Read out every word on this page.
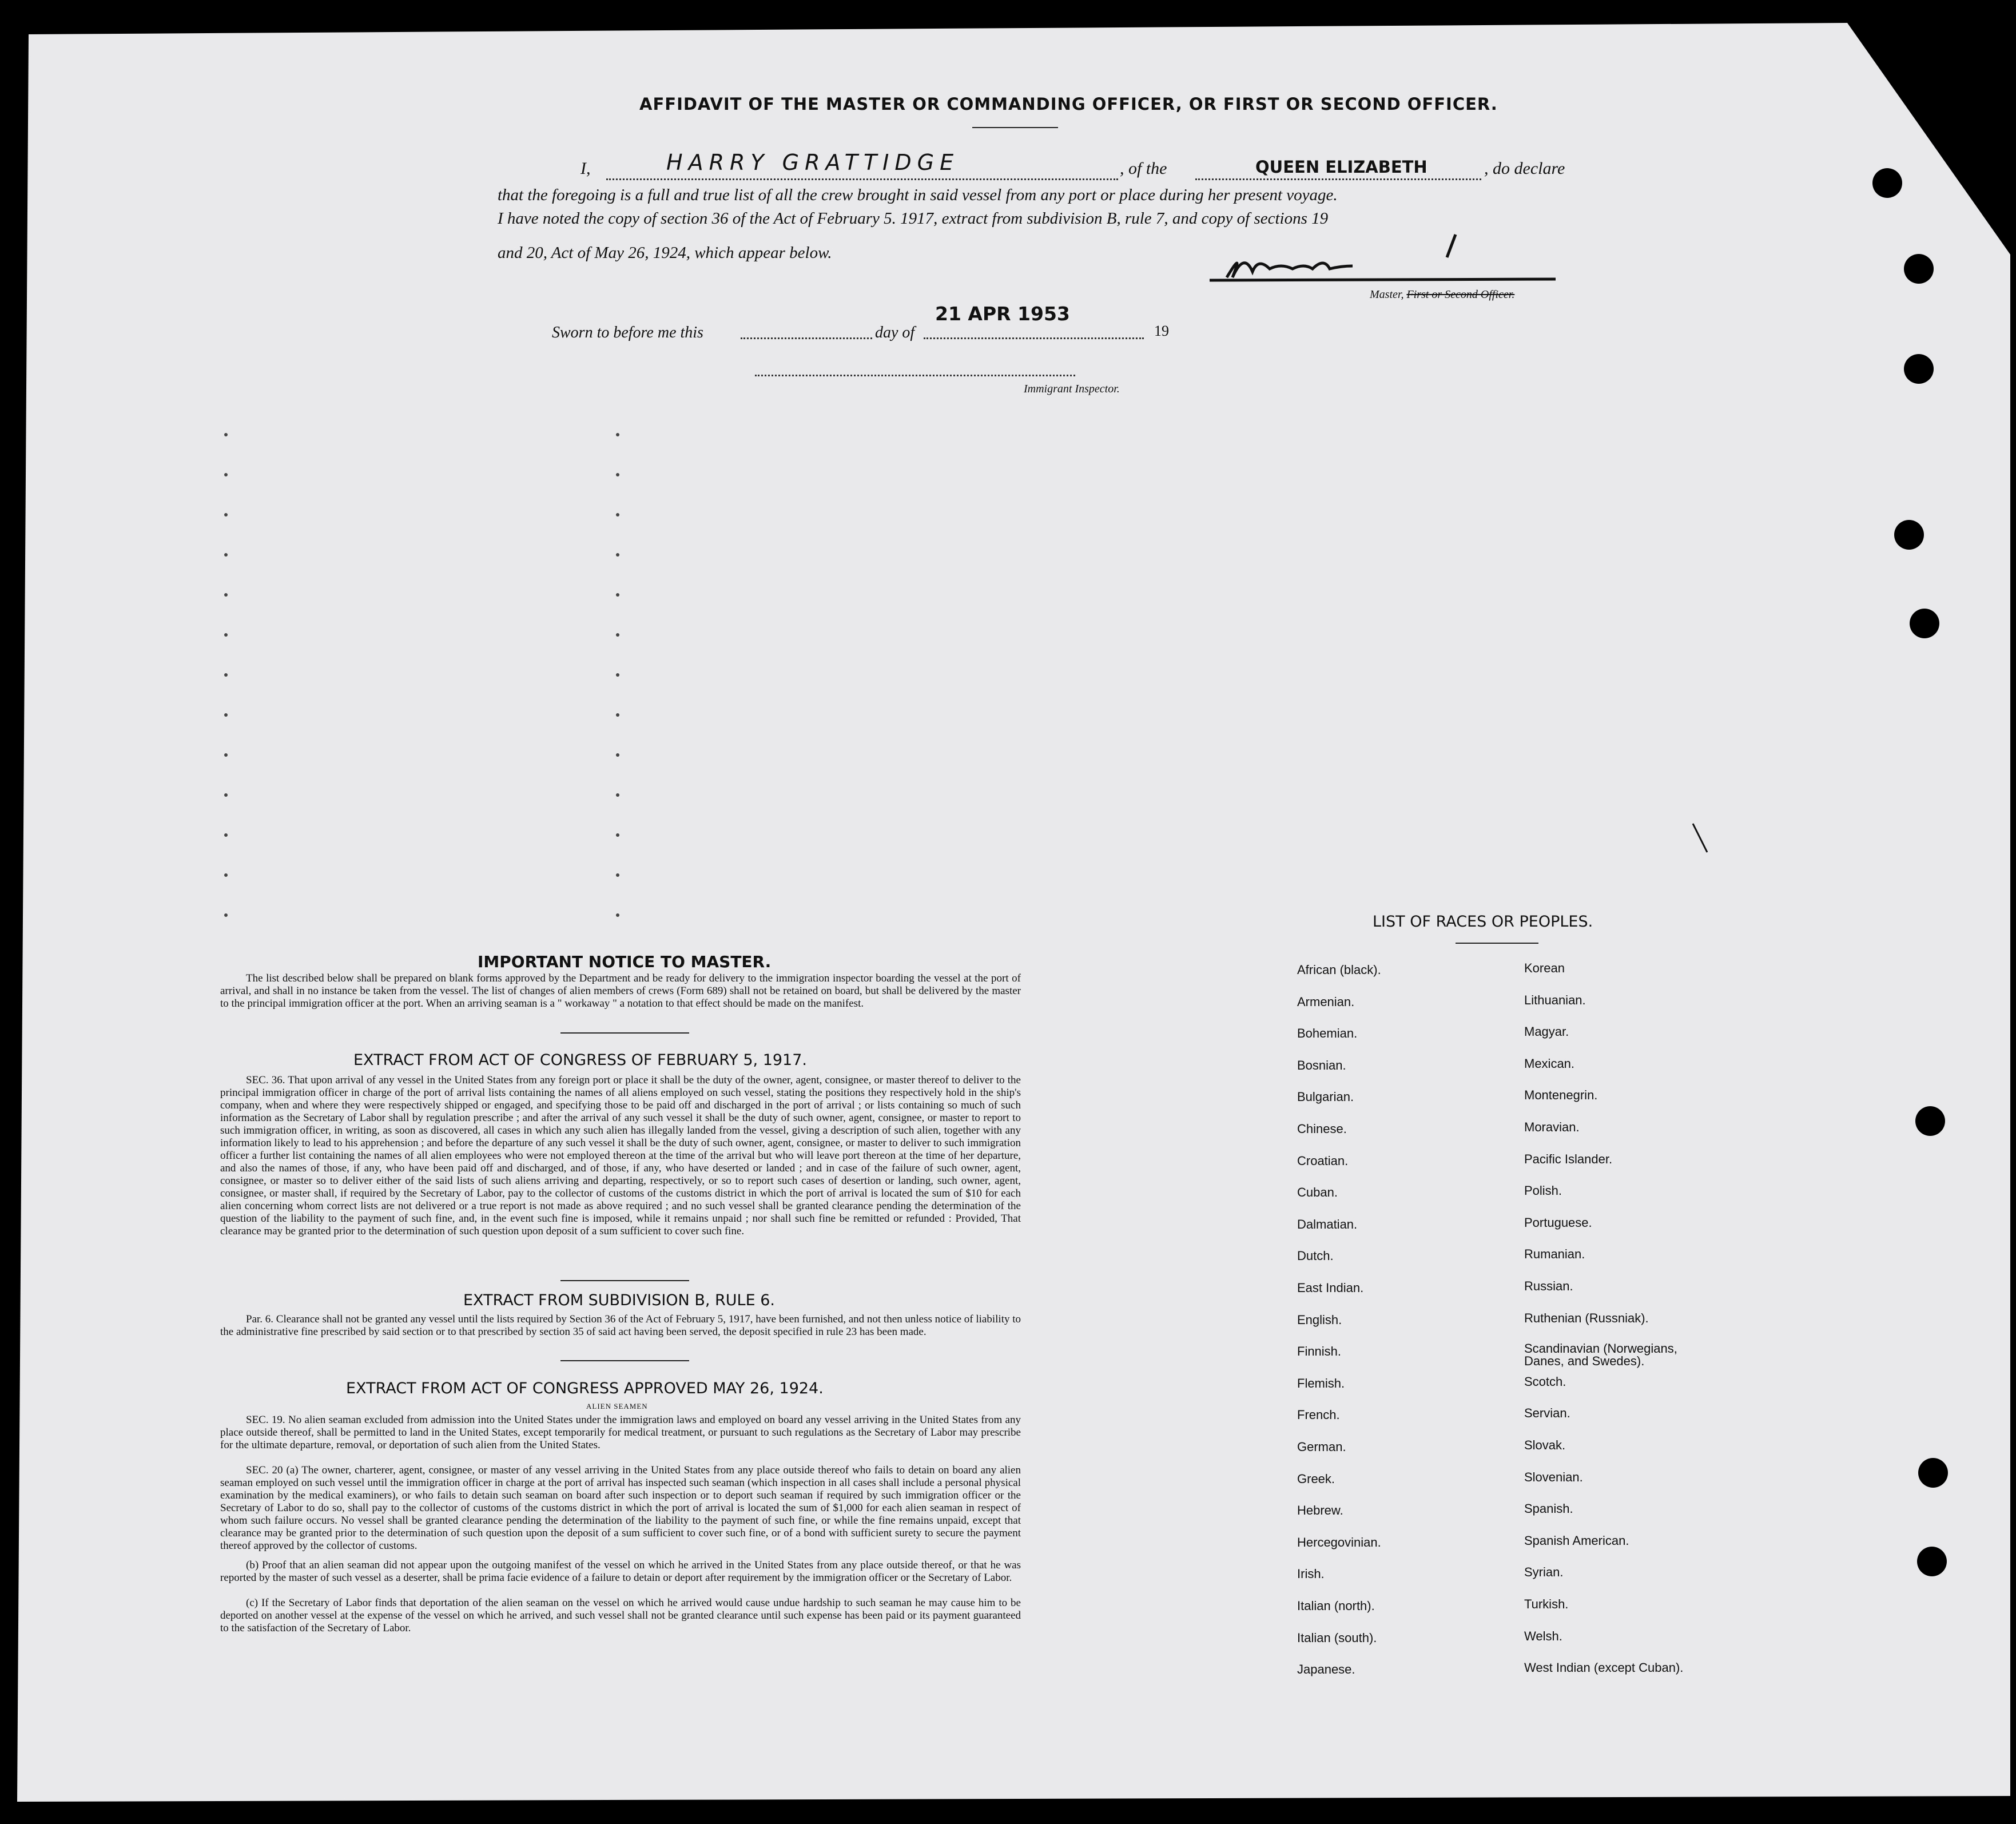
AFFIDAVIT OF THE MASTER OR COMMANDING OFFICER, OR FIRST OR SECOND OFFICER.
I,	HARRY GRATTIDGE	, of the	QUEEN ELIZABETH	, do declare
that the foregoing is a full and true list of all the crew brought in said vessel from any port or place during her present voyage.
I have noted the copy of section 36 of the Act of February 5. 1917, extract from subdivision B, rule 7, and copy of sections 19
and 20, Act of May 26, 1924, which appear below.
Master, First or Second Officer.
Sworn to before me this	day of
21 APR 1953
19
Immigrant Inspector.
IMPORTANT NOTICE TO MASTER.
The list described below shall be prepared on blank forms approved by the Department and be ready for delivery to the immigration inspector boarding the vessel at the port of arrival, and shall in no instance be taken from the vessel. The list of changes of alien members of crews (Form 689) shall not be retained on board, but shall be delivered by the master to the principal immigration officer at the port. When an arriving seaman is a " workaway " a notation to that effect should be made on the manifest.
EXTRACT FROM ACT OF CONGRESS OF FEBRUARY 5, 1917.
SEC. 36. That upon arrival of any vessel in the United States from any foreign port or place it shall be the duty of the owner, agent, consignee, or master thereof to deliver to the principal immigration officer in charge of the port of arrival lists containing the names of all aliens employed on such vessel, stating the positions they respectively hold in the ship's company, when and where they were respectively shipped or engaged, and specifying those to be paid off and discharged in the port of arrival ; or lists containing so much of such information as the Secretary of Labor shall by regulation prescribe ; and after the arrival of any such vessel it shall be the duty of such owner, agent, consignee, or master to report to such immigration officer, in writing, as soon as discovered, all cases in which any such alien has illegally landed from the vessel, giving a description of such alien, together with any information likely to lead to his apprehension ; and before the departure of any such vessel it shall be the duty of such owner, agent, consignee, or master to deliver to such immigration officer a further list containing the names of all alien employees who were not employed thereon at the time of the arrival but who will leave port thereon at the time of her departure, and also the names of those, if any, who have been paid off and discharged, and of those, if any, who have deserted or landed ; and in case of the failure of such owner, agent, consignee, or master so to deliver either of the said lists of such aliens arriving and departing, respectively, or so to report such cases of desertion or landing, such owner, agent, consignee, or master shall, if required by the Secretary of Labor, pay to the collector of customs of the customs district in which the port of arrival is located the sum of $10 for each alien concerning whom correct lists are not delivered or a true report is not made as above required ; and no such vessel shall be granted clearance pending the determination of the question of the liability to the payment of such fine, and, in the event such fine is imposed, while it remains unpaid ; nor shall such fine be remitted or refunded : Provided, That clearance may be granted prior to the determination of such question upon deposit of a sum sufficient to cover such fine.
EXTRACT FROM SUBDIVISION B, RULE 6.
Par. 6. Clearance shall not be granted any vessel until the lists required by Section 36 of the Act of February 5, 1917, have been furnished, and not then unless notice of liability to the administrative fine prescribed by said section or to that prescribed by section 35 of said act having been served, the deposit specified in rule 23 has been made.
EXTRACT FROM ACT OF CONGRESS APPROVED MAY 26, 1924.
ALIEN SEAMEN
SEC. 19. No alien seaman excluded from admission into the United States under the immigration laws and employed on board any vessel arriving in the United States from any place outside thereof, shall be permitted to land in the United States, except temporarily for medical treatment, or pursuant to such regulations as the Secretary of Labor may prescribe for the ultimate departure, removal, or deportation of such alien from the United States.
SEC. 20 (a) The owner, charterer, agent, consignee, or master of any vessel arriving in the United States from any place outside thereof who fails to detain on board any alien seaman employed on such vessel until the immigration officer in charge at the port of arrival has inspected such seaman (which inspection in all cases shall include a personal physical examination by the medical examiners), or who fails to detain such seaman on board after such inspection or to deport such seaman if required by such immigration officer or the Secretary of Labor to do so, shall pay to the collector of customs of the customs district in which the port of arrival is located the sum of $1,000 for each alien seaman in respect of whom such failure occurs. No vessel shall be granted clearance pending the determination of the liability to the payment of such fine, or while the fine remains unpaid, except that clearance may be granted prior to the determination of such question upon the deposit of a sum sufficient to cover such fine, or of a bond with sufficient surety to secure the payment thereof approved by the collector of customs.
(b) Proof that an alien seaman did not appear upon the outgoing manifest of the vessel on which he arrived in the United States from any place outside thereof, or that he was reported by the master of such vessel as a deserter, shall be prima facie evidence of a failure to detain or deport after requirement by the immigration officer or the Secretary of Labor.
(c) If the Secretary of Labor finds that deportation of the alien seaman on the vessel on which he arrived would cause undue hardship to such seaman he may cause him to be deported on another vessel at the expense of the vessel on which he arrived, and such vessel shall not be granted clearance until such expense has been paid or its payment guaranteed to the satisfaction of the Secretary of Labor.
LIST OF RACES OR PEOPLES.
African (black).
Armenian.
Bohemian.
Bosnian.
Bulgarian.
Chinese.
Croatian.
Cuban.
Dalmatian.
Dutch.
East Indian.
English.
Finnish.
Flemish.
French.
German.
Greek.
Hebrew.
Hercegovinian.
Irish.
Italian (north).
Italian (south).
Japanese.
Korean
Lithuanian.
Magyar.
Mexican.
Montenegrin.
Moravian.
Pacific Islander.
Polish.
Portuguese.
Rumanian.
Russian.
Ruthenian (Russniak).
Scandinavian (Norwegians,
Danes, and Swedes).
Scotch.
Servian.
Slovak.
Slovenian.
Spanish.
Spanish American.
Syrian.
Turkish.
Welsh.
West Indian (except Cuban).
